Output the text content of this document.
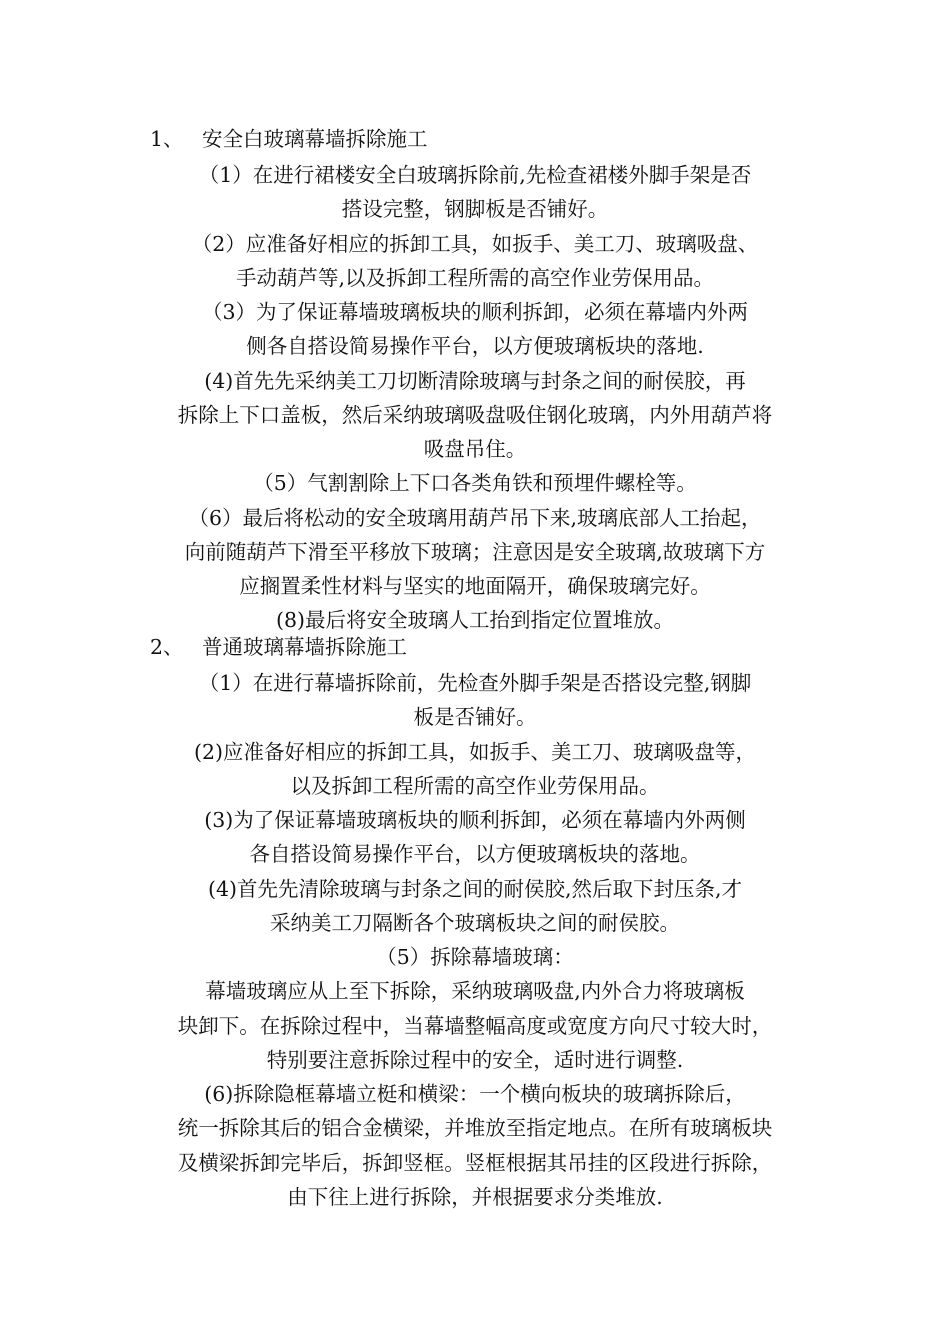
1、 安全白玻璃幕墙拆除施工

（1）在进行裙楼安全白玻璃拆除前,先检查裙楼外脚手架是否

搭设完整，钢脚板是否铺好。

（2）应准备好相应的拆卸工具，如扳手、美工刀、玻璃吸盘、

手动葫芦等,以及拆卸工程所需的高空作业劳保用品。

（3）为了保证幕墙玻璃板块的顺利拆卸，必须在幕墙内外两

侧各自搭设简易操作平台，以方便玻璃板块的落地.

(4)首先先采纳美工刀切断清除玻璃与封条之间的耐侯胶，再

拆除上下口盖板，然后采纳玻璃吸盘吸住钢化玻璃，内外用葫芦将

吸盘吊住。

（5）气割割除上下口各类角铁和预埋件螺栓等。

（6）最后将松动的安全玻璃用葫芦吊下来,玻璃底部人工抬起，

向前随葫芦下滑至平移放下玻璃；注意因是安全玻璃,故玻璃下方

应搁置柔性材料与坚实的地面隔开，确保玻璃完好。

(8)最后将安全玻璃人工抬到指定位置堆放。

2、 普通玻璃幕墙拆除施工

（1）在进行幕墙拆除前，先检查外脚手架是否搭设完整,钢脚

板是否铺好。

(2)应准备好相应的拆卸工具，如扳手、美工刀、玻璃吸盘等，

以及拆卸工程所需的高空作业劳保用品。

(3)为了保证幕墙玻璃板块的顺利拆卸，必须在幕墙内外两侧

各自搭设简易操作平台，以方便玻璃板块的落地。

(4)首先先清除玻璃与封条之间的耐侯胶,然后取下封压条,才

采纳美工刀隔断各个玻璃板块之间的耐侯胶。

（5）拆除幕墙玻璃：

幕墙玻璃应从上至下拆除，采纳玻璃吸盘,内外合力将玻璃板

块卸下。在拆除过程中，当幕墙整幅高度或宽度方向尺寸较大时，

特别要注意拆除过程中的安全，适时进行调整.

(6)拆除隐框幕墙立梃和横梁：一个横向板块的玻璃拆除后，

统一拆除其后的铝合金横梁，并堆放至指定地点。在所有玻璃板块

及横梁拆卸完毕后，拆卸竖框。竖框根据其吊挂的区段进行拆除，

由下往上进行拆除，并根据要求分类堆放.
